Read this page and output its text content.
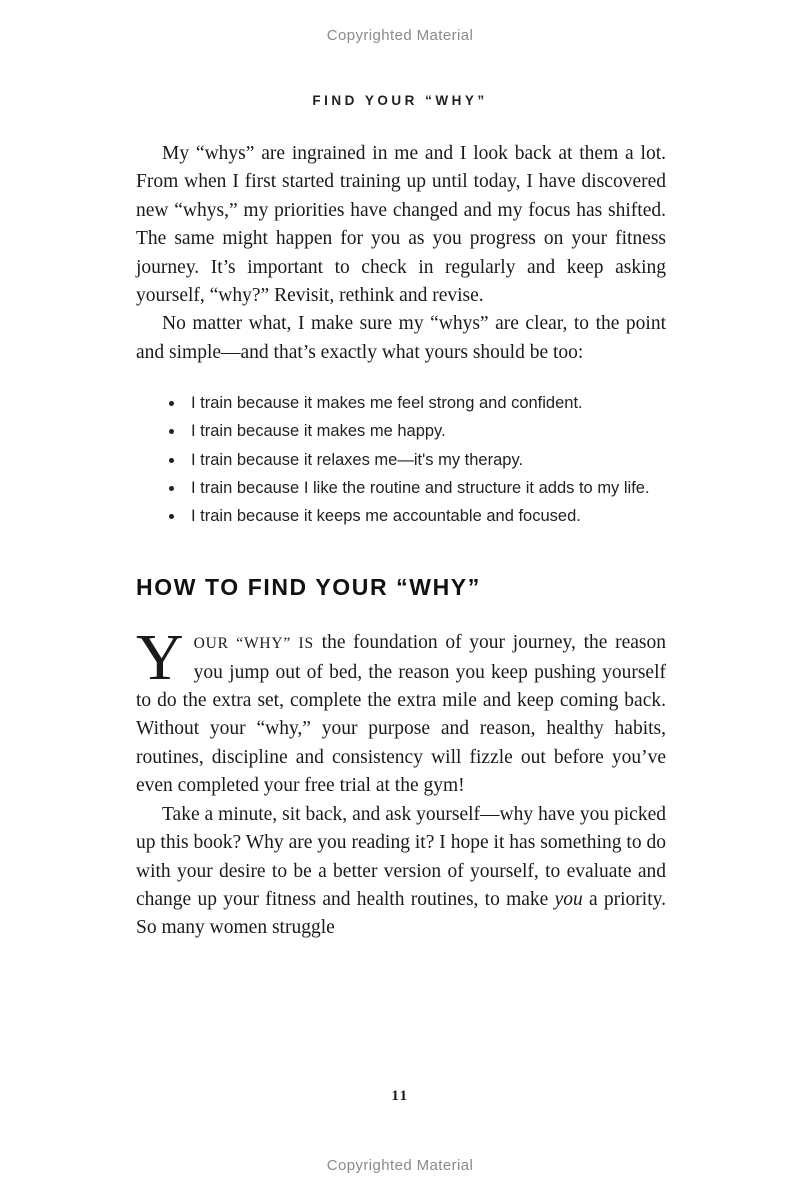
Copyrighted Material
FIND YOUR “WHY”

My “whys” are ingrained in me and I look back at them a lot. From when I first started training up until today, I have discovered new “whys,” my priorities have changed and my focus has shifted. The same might happen for you as you progress on your fitness journey. It’s important to check in regularly and keep asking yourself, “why?” Revisit, rethink and revise.

No matter what, I make sure my “whys” are clear, to the point and simple—and that’s exactly what yours should be too:

• I train because it makes me feel strong and confident.
• I train because it makes me happy.
• I train because it relaxes me—it's my therapy.
• I train because I like the routine and structure it adds to my life.
• I train because it keeps me accountable and focused.
HOW TO FIND YOUR “WHY”

YOUR “WHY” IS the foundation of your journey, the reason you jump out of bed, the reason you keep pushing yourself to do the extra set, complete the extra mile and keep coming back. Without your “why,” your purpose and reason, healthy habits, routines, discipline and consistency will fizzle out before you’ve even completed your free trial at the gym!

Take a minute, sit back, and ask yourself—why have you picked up this book? Why are you reading it? I hope it has something to do with your desire to be a better version of yourself, to evaluate and change up your fitness and health routines, to make you a priority. So many women struggle

11
Copyrighted Material
